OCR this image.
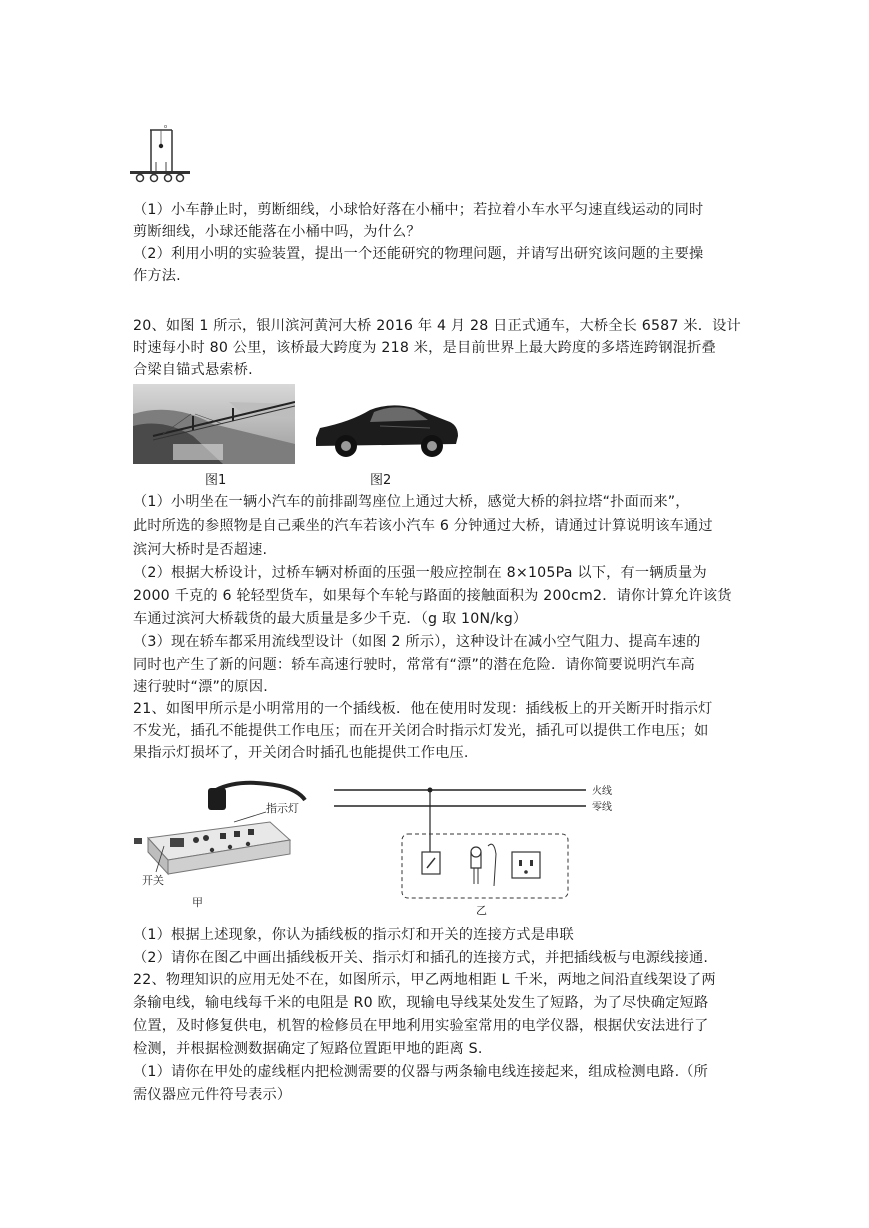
o
（1）小车静止时，剪断细线，小球恰好落在小桶中；若拉着小车水平匀速直线运动的同时
剪断细线，小球还能落在小桶中吗，为什么？
（2）利用小明的实验装置，提出一个还能研究的物理问题，并请写出研究该问题的主要操
作方法.
20、如图 1 所示，银川滨河黄河大桥 2016 年 4 月 28 日正式通车，大桥全长 6587 米．设计
时速每小时 80 公里，该桥最大跨度为 218 米，是目前世界上最大跨度的多塔连跨钢混折叠
合梁自锚式悬索桥.
图1	图2
（1）小明坐在一辆小汽车的前排副驾座位上通过大桥，感觉大桥的斜拉塔“扑面而来”，
此时所选的参照物是自己乘坐的汽车若该小汽车 6 分钟通过大桥，请通过计算说明该车通过
滨河大桥时是否超速.
（2）根据大桥设计，过桥车辆对桥面的压强一般应控制在 8×105Pa 以下，有一辆质量为
2000 千克的 6 轮轻型货车，如果每个车轮与路面的接触面积为 200cm2．请你计算允许该货
车通过滨河大桥载货的最大质量是多少千克．（g 取 10N/kg）
（3）现在轿车都采用流线型设计（如图 2 所示），这种设计在减小空气阻力、提高车速的
同时也产生了新的问题：轿车高速行驶时，常常有“漂”的潜在危险．请你简要说明汽车高
速行驶时“漂”的原因.
21、如图甲所示是小明常用的一个插线板．他在使用时发现：插线板上的开关断开时指示灯
不发光，插孔不能提供工作电压；而在开关闭合时指示灯发光，插孔可以提供工作电压；如
果指示灯损坏了，开关闭合时插孔也能提供工作电压.
指示灯
开关
甲
火线
零线
乙
（1）根据上述现象，你认为插线板的指示灯和开关的连接方式是串联
（2）请你在图乙中画出插线板开关、指示灯和插孔的连接方式，并把插线板与电源线接通.
22、物理知识的应用无处不在，如图所示，甲乙两地相距 L 千米，两地之间沿直线架设了两
条输电线，输电线每千米的电阻是 R0 欧，现输电导线某处发生了短路，为了尽快确定短路
位置，及时修复供电，机智的检修员在甲地利用实验室常用的电学仪器，根据伏安法进行了
检测，并根据检测数据确定了短路位置距甲地的距离 S.
（1）请你在甲处的虚线框内把检测需要的仪器与两条输电线连接起来，组成检测电路.（所
需仪器应元件符号表示）
